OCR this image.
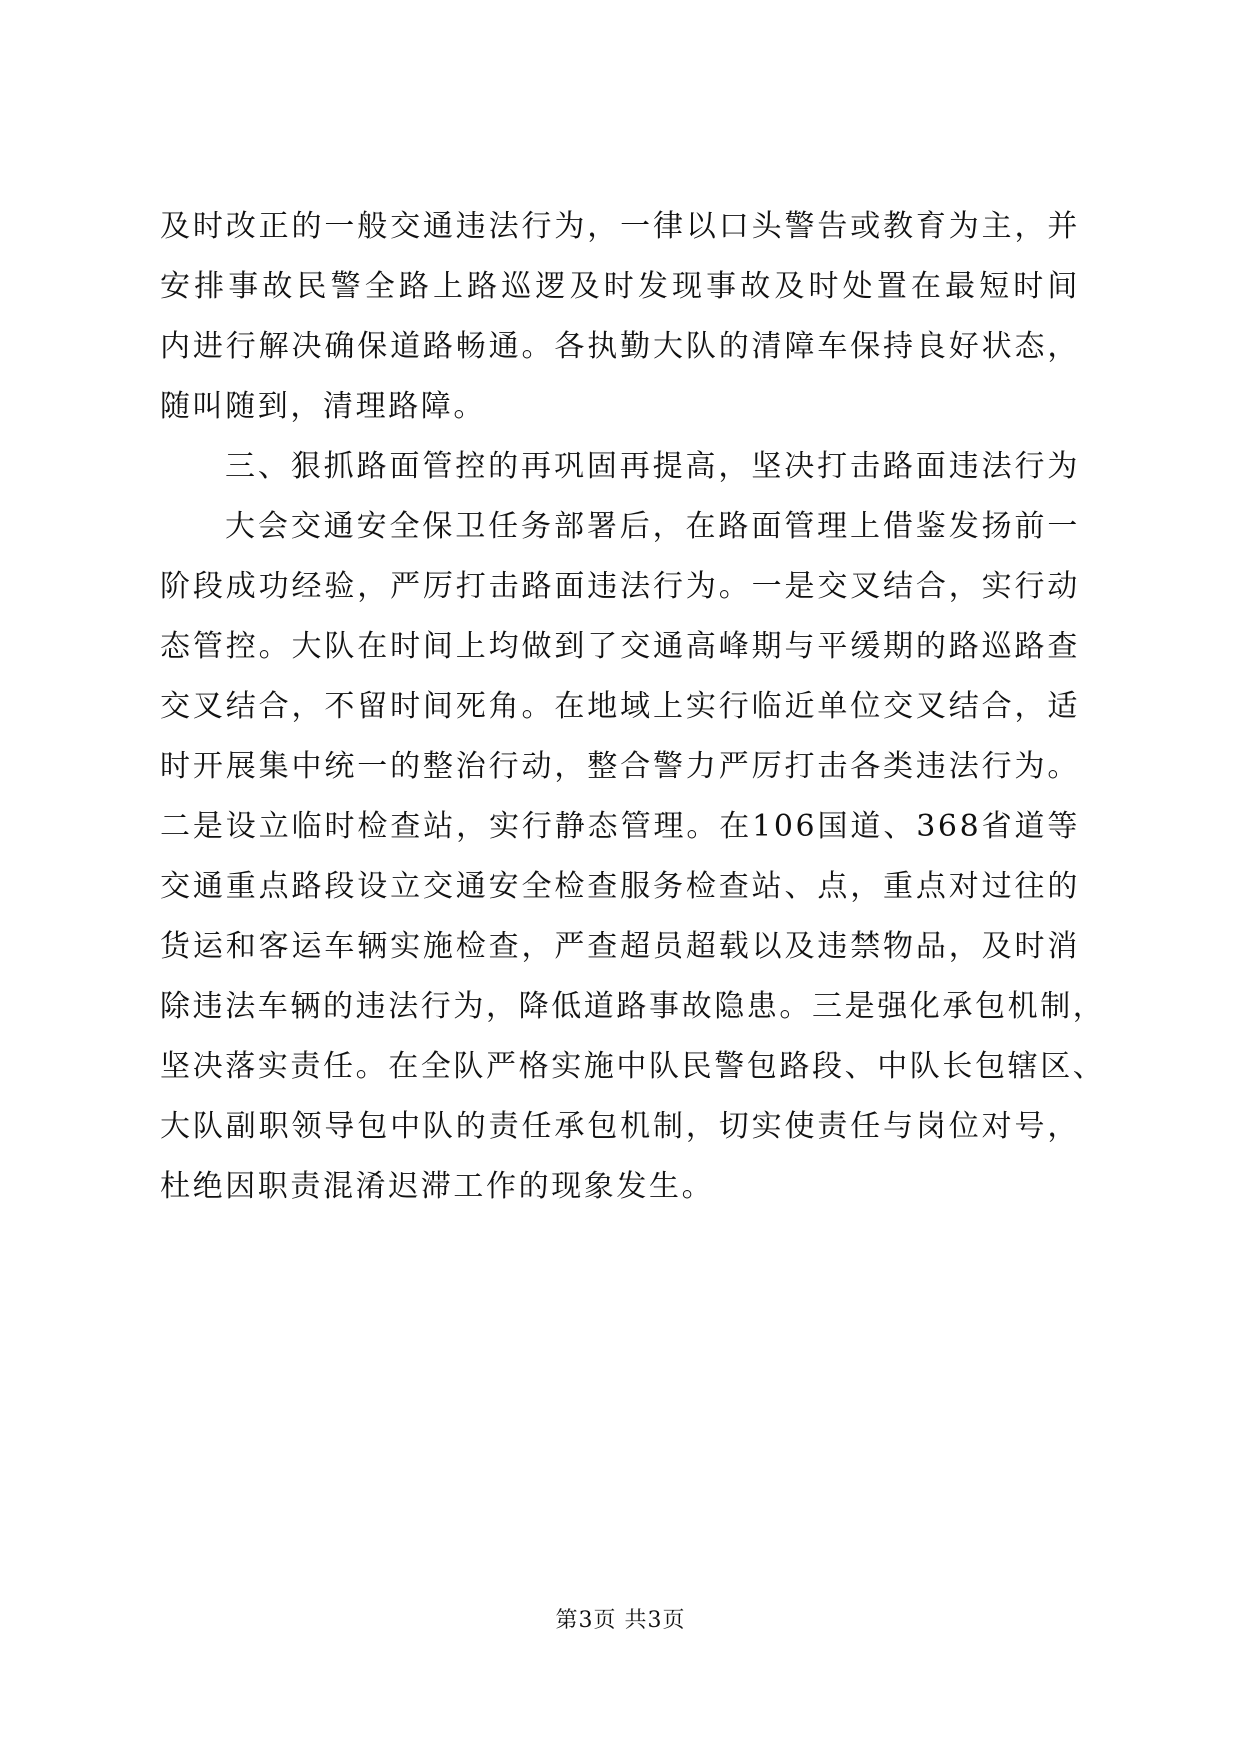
及时改正的一般交通违法行为，一律以口头警告或教育为主，并
安排事故民警全路上路巡逻及时发现事故及时处置在最短时间
内进行解决确保道路畅通。各执勤大队的清障车保持良好状态，
随叫随到，清理路障。
三、狠抓路面管控的再巩固再提高，坚决打击路面违法行为
大会交通安全保卫任务部署后，在路面管理上借鉴发扬前一
阶段成功经验，严厉打击路面违法行为。一是交叉结合，实行动
态管控。大队在时间上均做到了交通高峰期与平缓期的路巡路查
交叉结合，不留时间死角。在地域上实行临近单位交叉结合，适
时开展集中统一的整治行动，整合警力严厉打击各类违法行为。
二是设立临时检查站，实行静态管理。在106国道、368省道等
交通重点路段设立交通安全检查服务检查站、点，重点对过往的
货运和客运车辆实施检查，严查超员超载以及违禁物品，及时消
除违法车辆的违法行为，降低道路事故隐患。三是强化承包机制，
坚决落实责任。在全队严格实施中队民警包路段、中队长包辖区、
大队副职领导包中队的责任承包机制，切实使责任与岗位对号，
杜绝因职责混淆迟滞工作的现象发生。
第3页 共3页
